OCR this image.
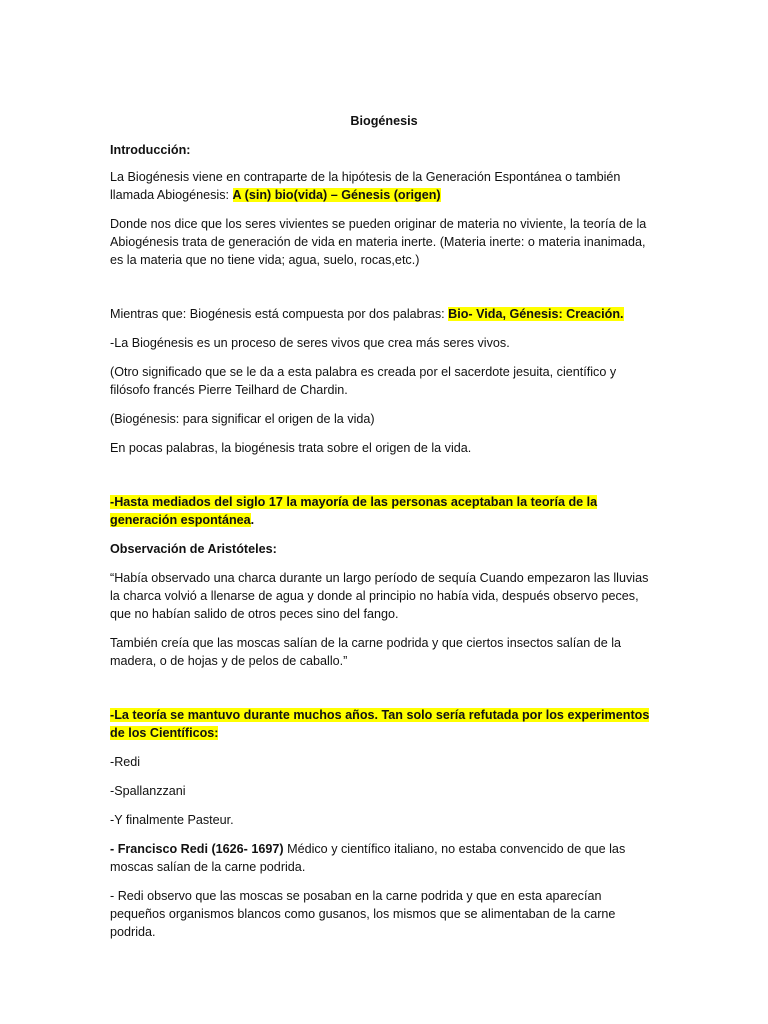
Biogénesis

Introducción:

La Biogénesis viene en contraparte de la hipótesis de la Generación Espontánea o también llamada Abiogénesis: A (sin) bio(vida) – Génesis (origen)

Donde nos dice que los seres vivientes se pueden originar de materia no viviente, la teoría de la Abiogénesis trata de generación de vida en materia inerte. (Materia inerte: o materia inanimada, es la materia que no tiene vida; agua, suelo, rocas,etc.)

Mientras que: Biogénesis está compuesta por dos palabras: Bio- Vida, Génesis: Creación.

-La Biogénesis es un proceso de seres vivos que crea más seres vivos.

(Otro significado que se le da a esta palabra es creada por el sacerdote jesuita, científico y filósofo francés Pierre Teilhard de Chardin.

(Biogénesis: para significar el origen de la vida)

En pocas palabras, la biogénesis trata sobre el origen de la vida.

-Hasta mediados del siglo 17 la mayoría de las personas aceptaban la teoría de la generación espontánea.

Observación de Aristóteles:

“Había observado una charca durante un largo período de sequía Cuando empezaron las lluvias la charca volvió a llenarse de agua y donde al principio no había vida, después observo peces, que no habían salido de otros peces sino del fango.

También creía que las moscas salían de la carne podrida y que ciertos insectos salían de la madera, o de hojas y de pelos de caballo.”

-La teoría se mantuvo durante muchos años. Tan solo sería refutada por los experimentos de los Científicos:

-Redi

-Spallanzzani

-Y finalmente Pasteur.

- Francisco Redi (1626- 1697) Médico y científico italiano, no estaba convencido de que las moscas salían de la carne podrida.

- Redi observo que las moscas se posaban en la carne podrida y que en esta aparecían pequeños organismos blancos como gusanos, los mismos que se alimentaban de la carne podrida.
